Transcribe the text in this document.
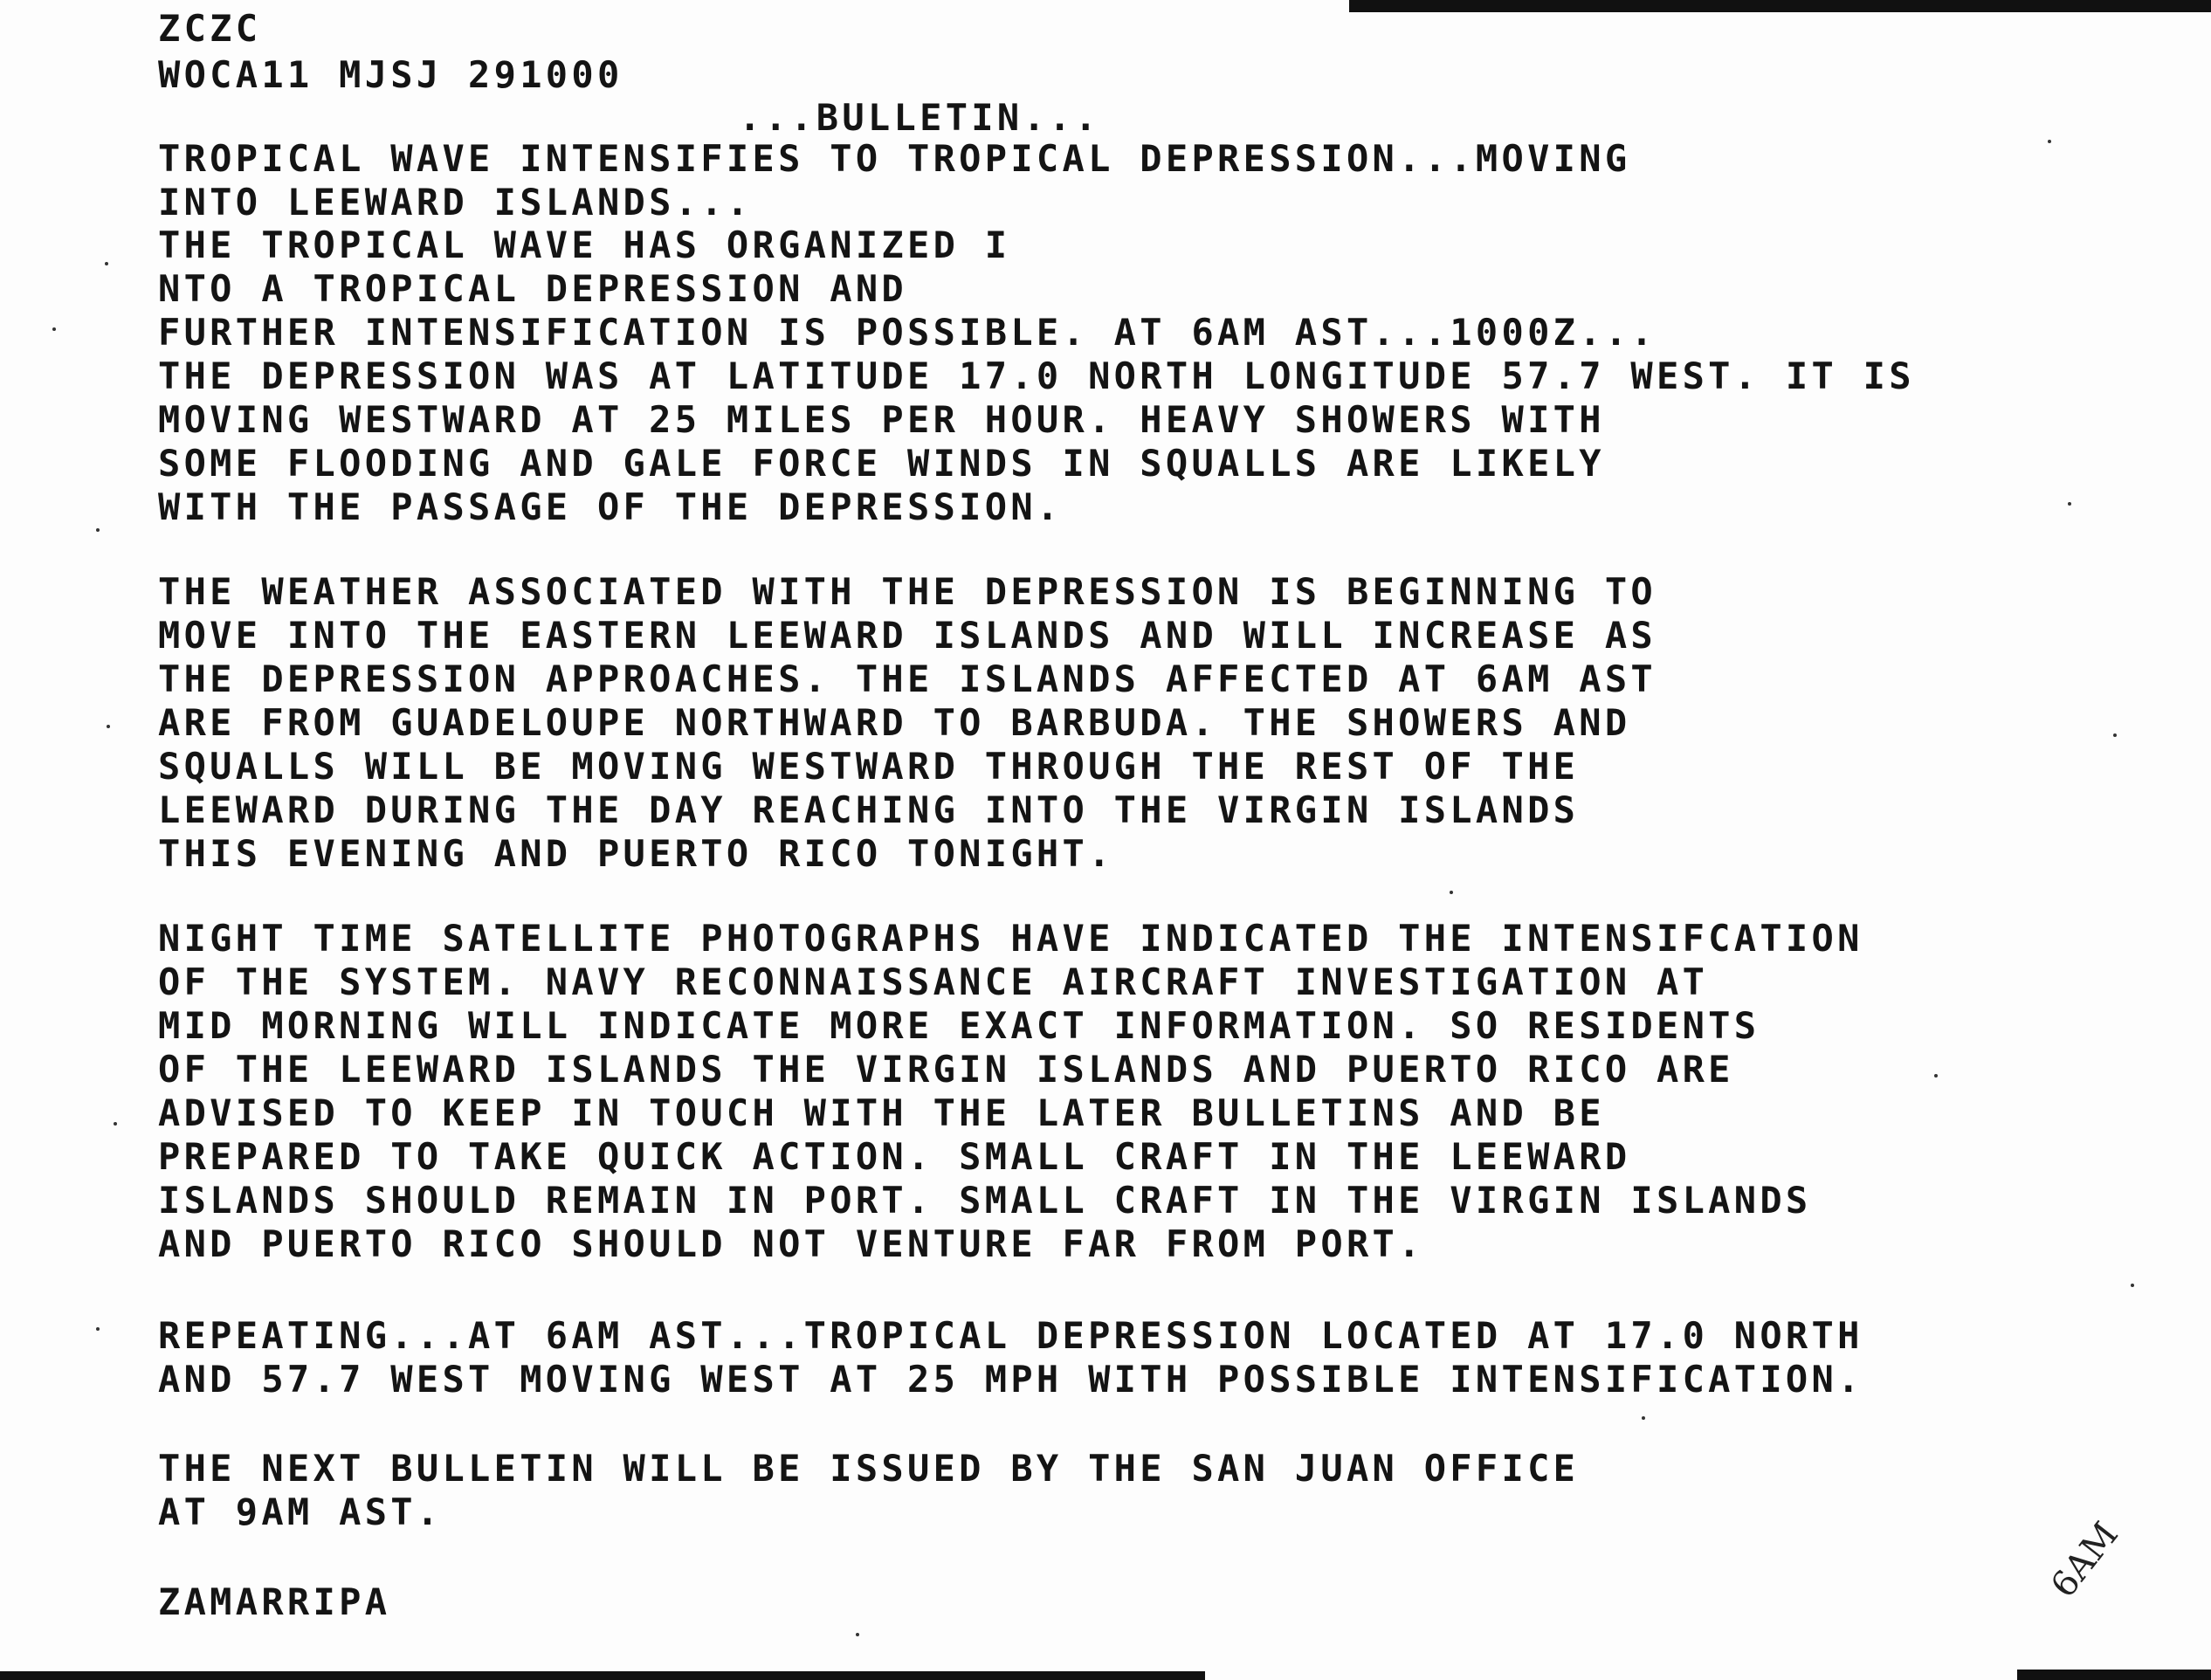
ZCZC
WOCA11 MJSJ 291000
...BULLETIN...
TROPICAL WAVE INTENSIFIES TO TROPICAL DEPRESSION...MOVING
INTO LEEWARD ISLANDS...
THE TROPICAL WAVE HAS ORGANIZED I
NTO A TROPICAL DEPRESSION AND
FURTHER INTENSIFICATION IS POSSIBLE. AT 6AM AST...1000Z...
THE DEPRESSION WAS AT LATITUDE 17.0 NORTH LONGITUDE 57.7 WEST. IT IS
MOVING WESTWARD AT 25 MILES PER HOUR. HEAVY SHOWERS WITH
SOME FLOODING AND GALE FORCE WINDS IN SQUALLS ARE LIKELY
WITH THE PASSAGE OF THE DEPRESSION.
THE WEATHER ASSOCIATED WITH THE DEPRESSION IS BEGINNING TO
MOVE INTO THE EASTERN LEEWARD ISLANDS AND WILL INCREASE AS
THE DEPRESSION APPROACHES. THE ISLANDS AFFECTED AT 6AM AST
ARE FROM GUADELOUPE NORTHWARD TO BARBUDA. THE SHOWERS AND
SQUALLS WILL BE MOVING WESTWARD THROUGH THE REST OF THE
LEEWARD DURING THE DAY REACHING INTO THE VIRGIN ISLANDS
THIS EVENING AND PUERTO RICO TONIGHT.
NIGHT TIME SATELLITE PHOTOGRAPHS HAVE INDICATED THE INTENSIFCATION
OF THE SYSTEM. NAVY RECONNAISSANCE AIRCRAFT INVESTIGATION AT
MID MORNING WILL INDICATE MORE EXACT INFORMATION. SO RESIDENTS
OF THE LEEWARD ISLANDS THE VIRGIN ISLANDS AND PUERTO RICO ARE
ADVISED TO KEEP IN TOUCH WITH THE LATER BULLETINS AND BE
PREPARED TO TAKE QUICK ACTION. SMALL CRAFT IN THE LEEWARD
ISLANDS SHOULD REMAIN IN PORT. SMALL CRAFT IN THE VIRGIN ISLANDS
AND PUERTO RICO SHOULD NOT VENTURE FAR FROM PORT.
REPEATING...AT 6AM AST...TROPICAL DEPRESSION LOCATED AT 17.0 NORTH
AND 57.7 WEST MOVING WEST AT 25 MPH WITH POSSIBLE INTENSIFICATION.
THE NEXT BULLETIN WILL BE ISSUED BY THE SAN JUAN OFFICE
AT 9AM AST.
ZAMARRIPA	6AM
